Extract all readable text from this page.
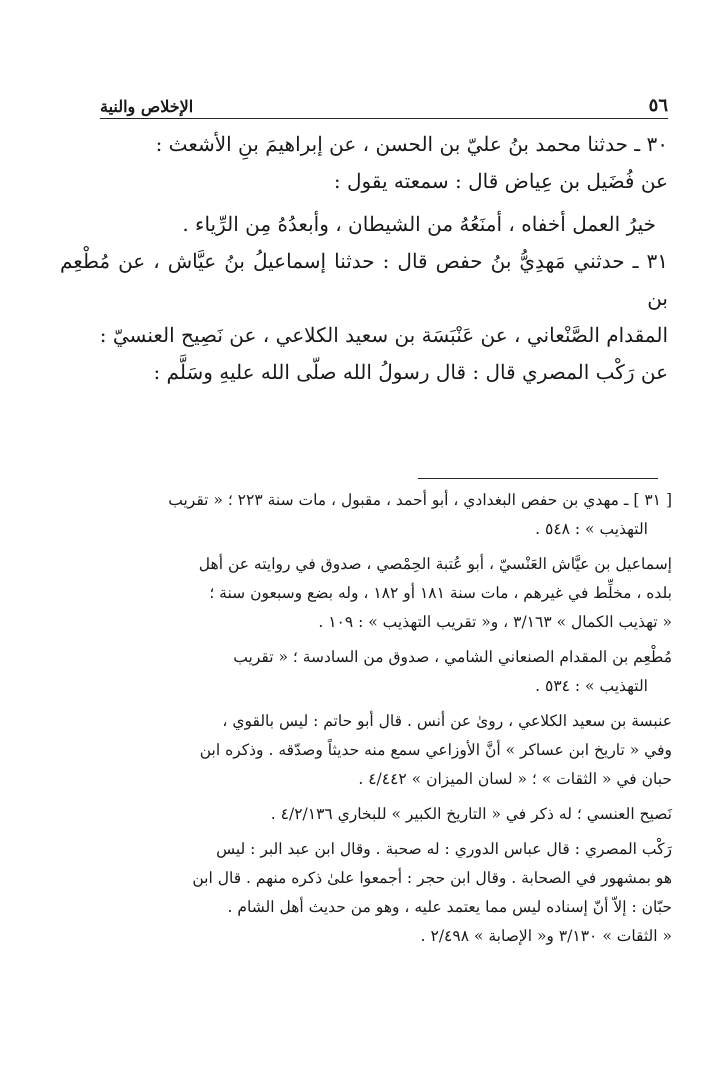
٥٦
الإخلاص والنية

٣٠ ـ حدثنا محمد بنُ عليّ بن الحسن ، عن إبراهيمَ بنِ الأشعث :

عن فُضَيل بن عِياض قال : سمعته يقول :

خيرُ العمل أخفاه ، أمنَعُهُ من الشيطان ، وأبعدُهُ مِن الرِّياء .

٣١ ـ حدثني مَهدِيُّ بنُ حفص قال : حدثنا إسماعيلُ بنُ عيَّاش ، عن مُطْعِم بن

المقدام الصَّنْعاني ، عن عَنْبَسَة بن سعيد الكلاعي ، عن نَصِيح العنسيّ :

عن رَكْب المصري قال : قال رسولُ الله صلّى الله عليهِ وسَلَّم :

[ ٣١ ] ـ مهدي بن حفص البغدادي ، أبو أحمد ، مقبول ، مات سنة ٢٢٣ ؛ « تقريب
التهذيب » : ٥٤٨ .
إسماعيل بن عيَّاش العَنْسيّ ، أبو عُتبة الحِمْصي ، صدوق في روايته عن أهل
بلده ، مخلِّط في غيرهم ، مات سنة ١٨١ أو ١٨٢ ، وله بضع وسبعون سنة ؛
« تهذيب الكمال » ٣/١٦٣ ، و« تقريب التهذيب » : ١٠٩ .
مُطْعِم بن المقدام الصنعاني الشامي ، صدوق من السادسة ؛ « تقريب
التهذيب » : ٥٣٤ .
عنبسة بن سعيد الكلاعي ، روىٰ عن أنس . قال أبو حاتم : ليس بالقوي ،
وفي « تاريخ ابن عساكر » أنَّ الأوزاعي سمع منه حديثاً وصدّقه . وذكره ابن
حبان في « الثقات » ؛ « لسان الميزان » ٤/٤٤٢ .
نَصيح العنسي ؛ له ذكر في « التاريخ الكبير » للبخاري ٤/٢/١٣٦ .
رَكْب المصري : قال عباس الدوري : له صحبة . وقال ابن عبد البر : ليس
هو بمشهور في الصحابة . وقال ابن حجر : أجمعوا علىٰ ذكره منهم . قال ابن
حبّان : إلاّ أنّ إسناده ليس مما يعتمد عليه ، وهو من حديث أهل الشام .
« الثقات » ٣/١٣٠ و« الإصابة » ٢/٤٩٨ .
